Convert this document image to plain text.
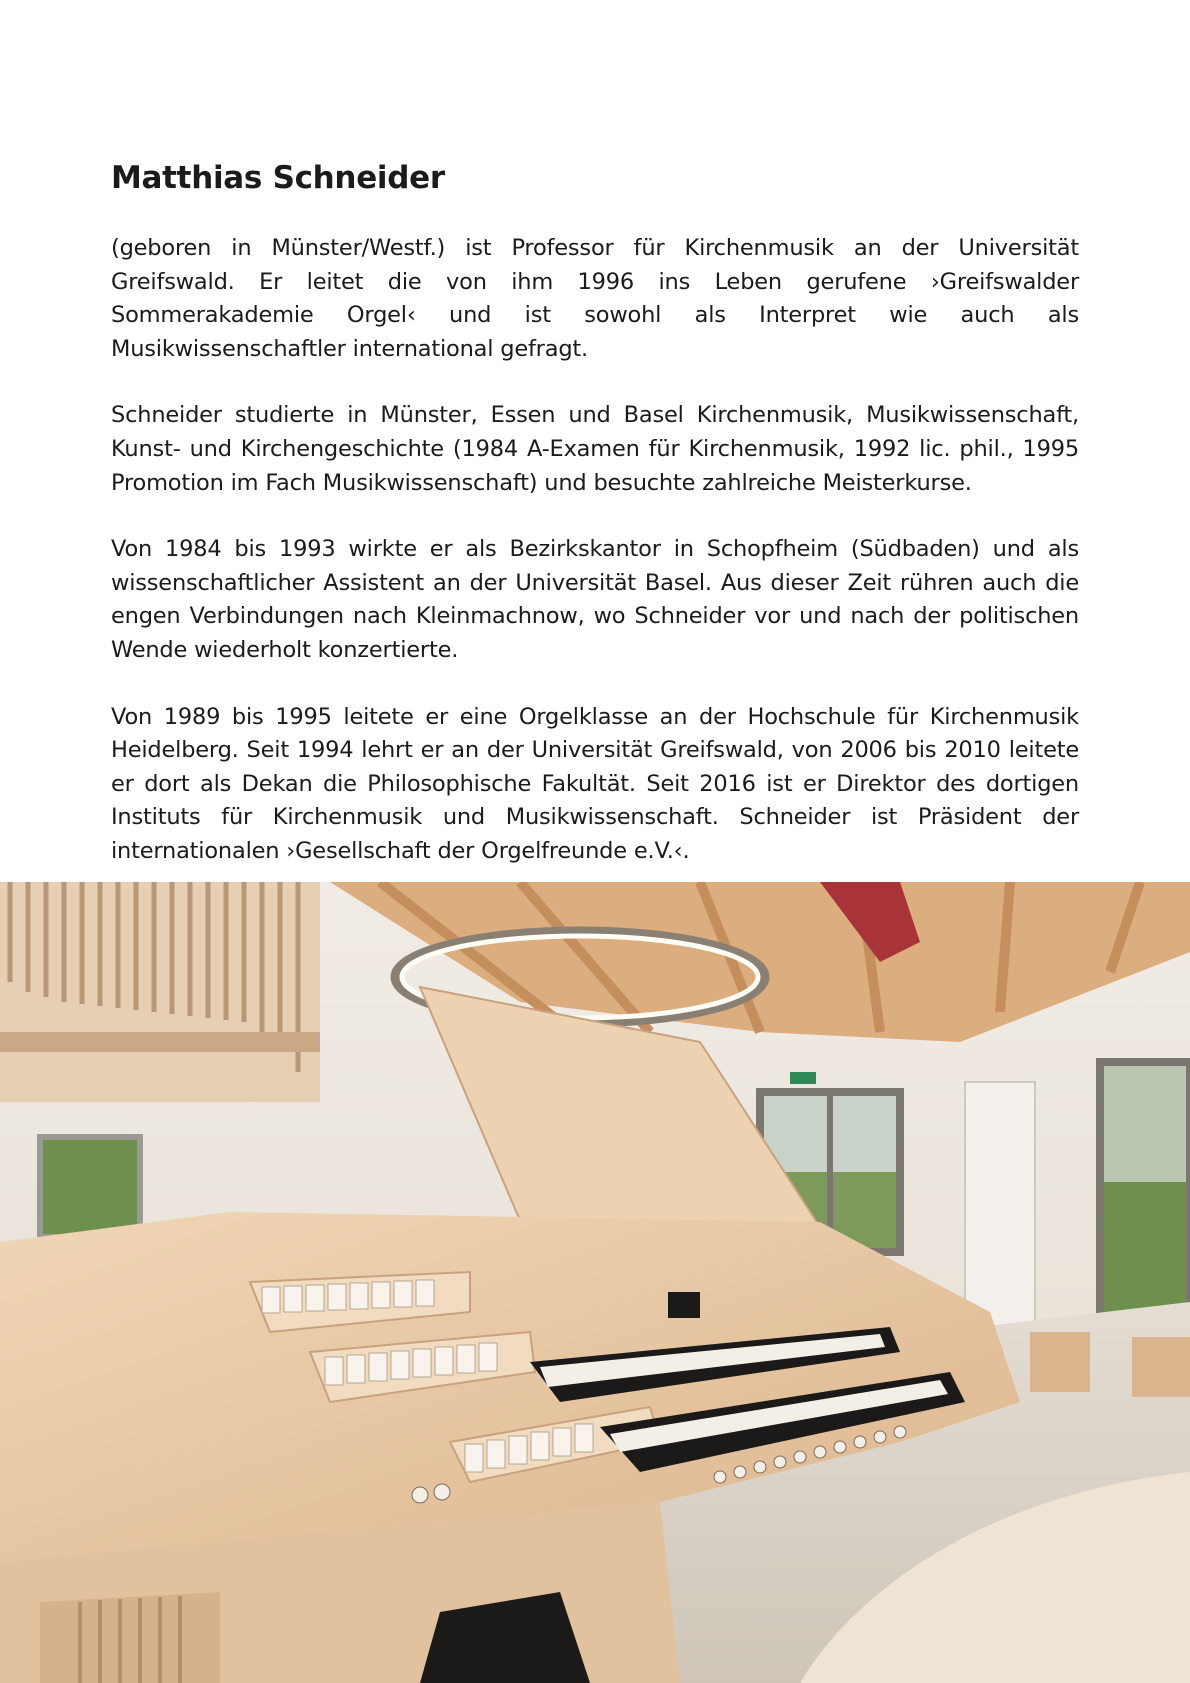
Matthias Schneider

(geboren in Münster/Westf.) ist Professor für Kirchenmusik an der Universität Greifswald. Er leitet die von ihm 1996 ins Leben gerufene ›Greifswalder Sommerakademie Orgel‹ und ist sowohl als Interpret wie auch als Musikwissenschaftler international gefragt.

Schneider studierte in Münster, Essen und Basel Kirchenmusik, Musikwissenschaft, Kunst- und Kirchengeschichte (1984 A-Examen für Kirchenmusik, 1992 lic. phil., 1995 Promotion im Fach Musikwissenschaft) und besuchte zahlreiche Meisterkurse.

Von 1984 bis 1993 wirkte er als Bezirkskantor in Schopfheim (Südbaden) und als wissenschaftlicher Assistent an der Universität Basel. Aus dieser Zeit rühren auch die engen Verbindungen nach Kleinmachnow, wo Schneider vor und nach der politischen Wende wiederholt konzertierte.

Von 1989 bis 1995 leitete er eine Orgelklasse an der Hochschule für Kirchenmusik Heidelberg. Seit 1994 lehrt er an der Universität Greifswald, von 2006 bis 2010 leitete er dort als Dekan die Philosophische Fakultät. Seit 2016 ist er Direktor des dortigen Instituts für Kirchenmusik und Musikwissenschaft. Schneider ist Präsident der internationalen ›Gesellschaft der Orgelfreunde e.V.‹.
